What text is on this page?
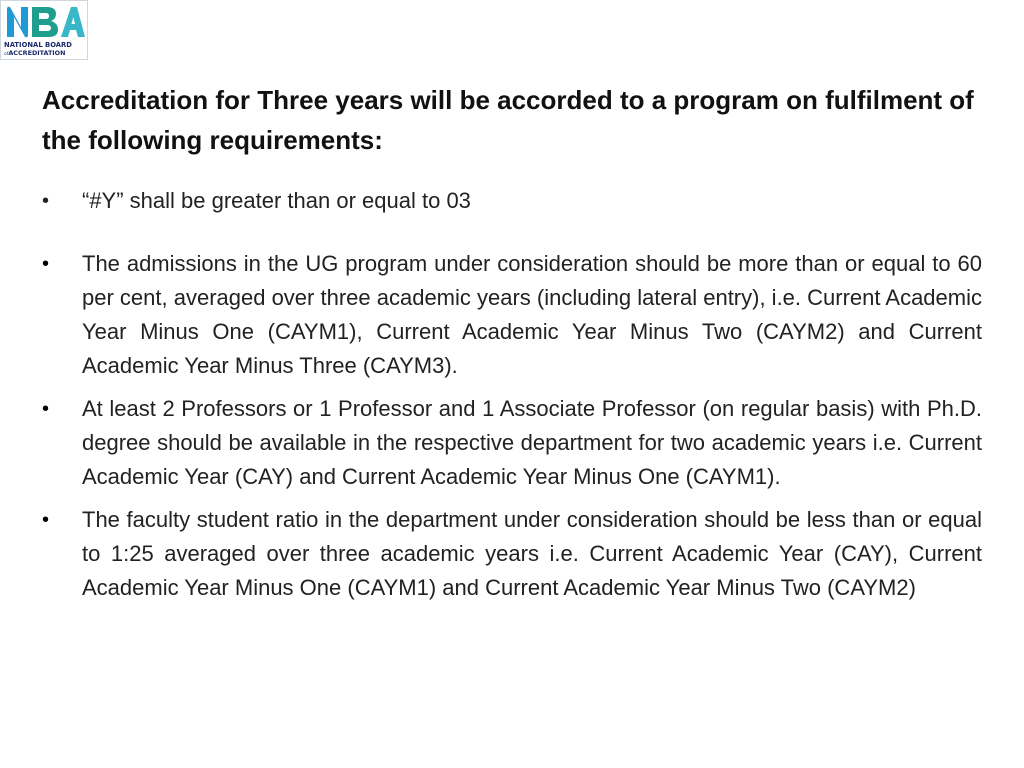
NATIONAL BOARD
ofACCREDITATION
Accreditation for Three years will be accorded to a program on fulfilment of the following requirements:
•	“#Y” shall be greater than or equal to 03
•	The admissions in the UG program under consideration should be more than or equal to 60 per cent, averaged over three academic years (including lateral entry), i.e. Current Academic Year Minus One (CAYM1), Current Academic Year Minus Two (CAYM2) and Current Academic Year Minus Three (CAYM3).
•	At least 2 Professors or 1 Professor and 1 Associate Professor (on regular basis) with Ph.D. degree should be available in the respective department for two academic years i.e. Current Academic Year (CAY) and Current Academic Year Minus One (CAYM1).
•	The faculty student ratio in the department under consideration should be less than or equal to 1:25 averaged over three academic years i.e. Current Academic Year (CAY), Current Academic Year Minus One (CAYM1) and Current Academic Year Minus Two (CAYM2)
